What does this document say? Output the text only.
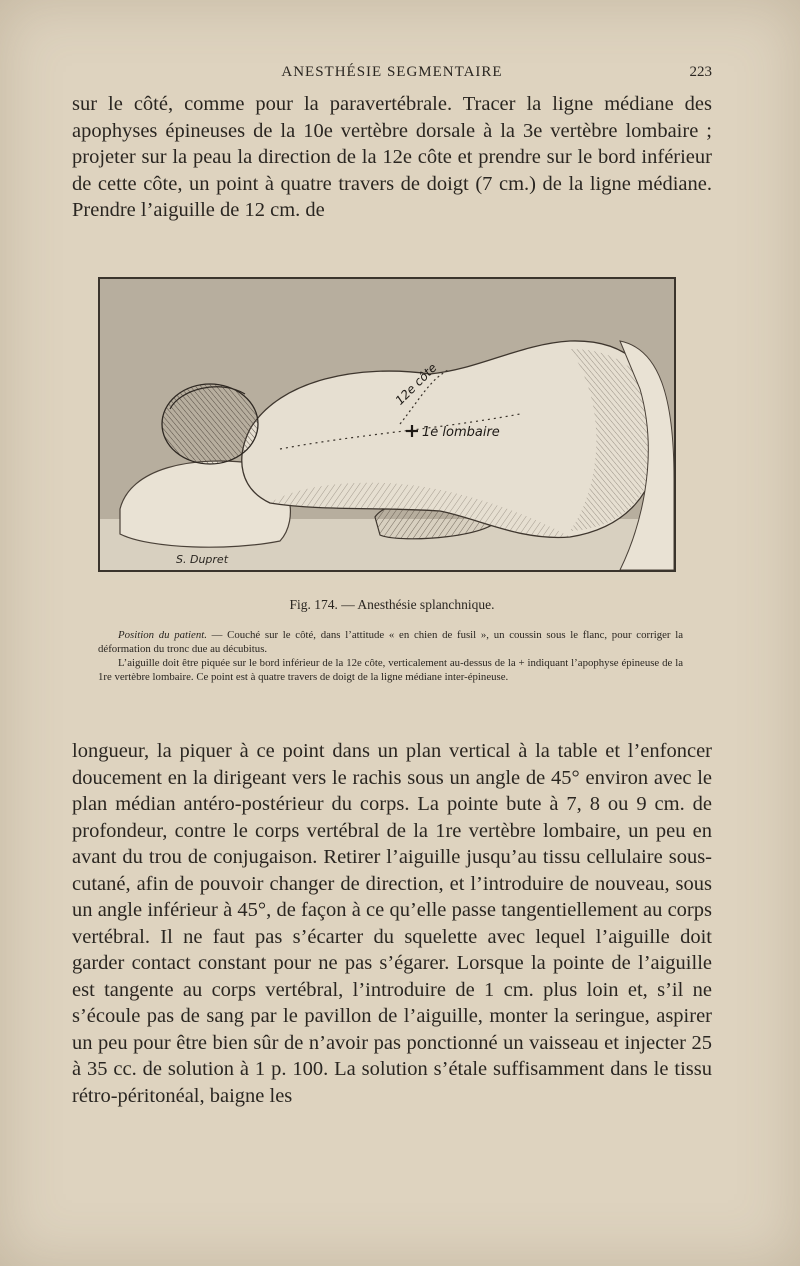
ANESTHÉSIE SEGMENTAIRE	223

sur le côté, comme pour la paravertébrale. Tracer la ligne médiane des apophyses épineuses de la 10e vertèbre dorsale à la 3e vertèbre lombaire ; projeter sur la peau la direction de la 12e côte et prendre sur le bord inférieur de cette côte, un point à quatre travers de doigt (7 cm.) de la ligne médiane. Prendre l’aiguille de 12 cm. de

12e côte
1e lombaire
S. Dupret
Fig. 174. — Anesthésie splanchnique.

Position du patient. — Couché sur le côté, dans l’attitude « en chien de fusil », un coussin sous le flanc, pour corriger la déformation du tronc due au décubitus.

L’aiguille doit être piquée sur le bord inférieur de la 12e côte, verticalement au-dessus de la + indiquant l’apophyse épineuse de la 1re vertèbre lombaire. Ce point est à quatre travers de doigt de la ligne médiane inter-épineuse.

longueur, la piquer à ce point dans un plan vertical à la table et l’enfoncer doucement en la dirigeant vers le rachis sous un angle de 45° environ avec le plan médian antéro-postérieur du corps. La pointe bute à 7, 8 ou 9 cm. de profondeur, contre le corps vertébral de la 1re vertèbre lombaire, un peu en avant du trou de conjugaison. Retirer l’aiguille jusqu’au tissu cellulaire sous-cutané, afin de pouvoir changer de direction, et l’introduire de nouveau, sous un angle inférieur à 45°, de façon à ce qu’elle passe tangentiellement au corps vertébral. Il ne faut pas s’écarter du squelette avec lequel l’aiguille doit garder contact constant pour ne pas s’égarer. Lorsque la pointe de l’aiguille est tangente au corps vertébral, l’introduire de 1 cm. plus loin et, s’il ne s’écoule pas de sang par le pavillon de l’aiguille, monter la seringue, aspirer un peu pour être bien sûr de n’avoir pas ponctionné un vaisseau et injecter 25 à 35 cc. de solution à 1 p. 100. La solution s’étale suffisamment dans le tissu rétro-péritonéal, baigne les
